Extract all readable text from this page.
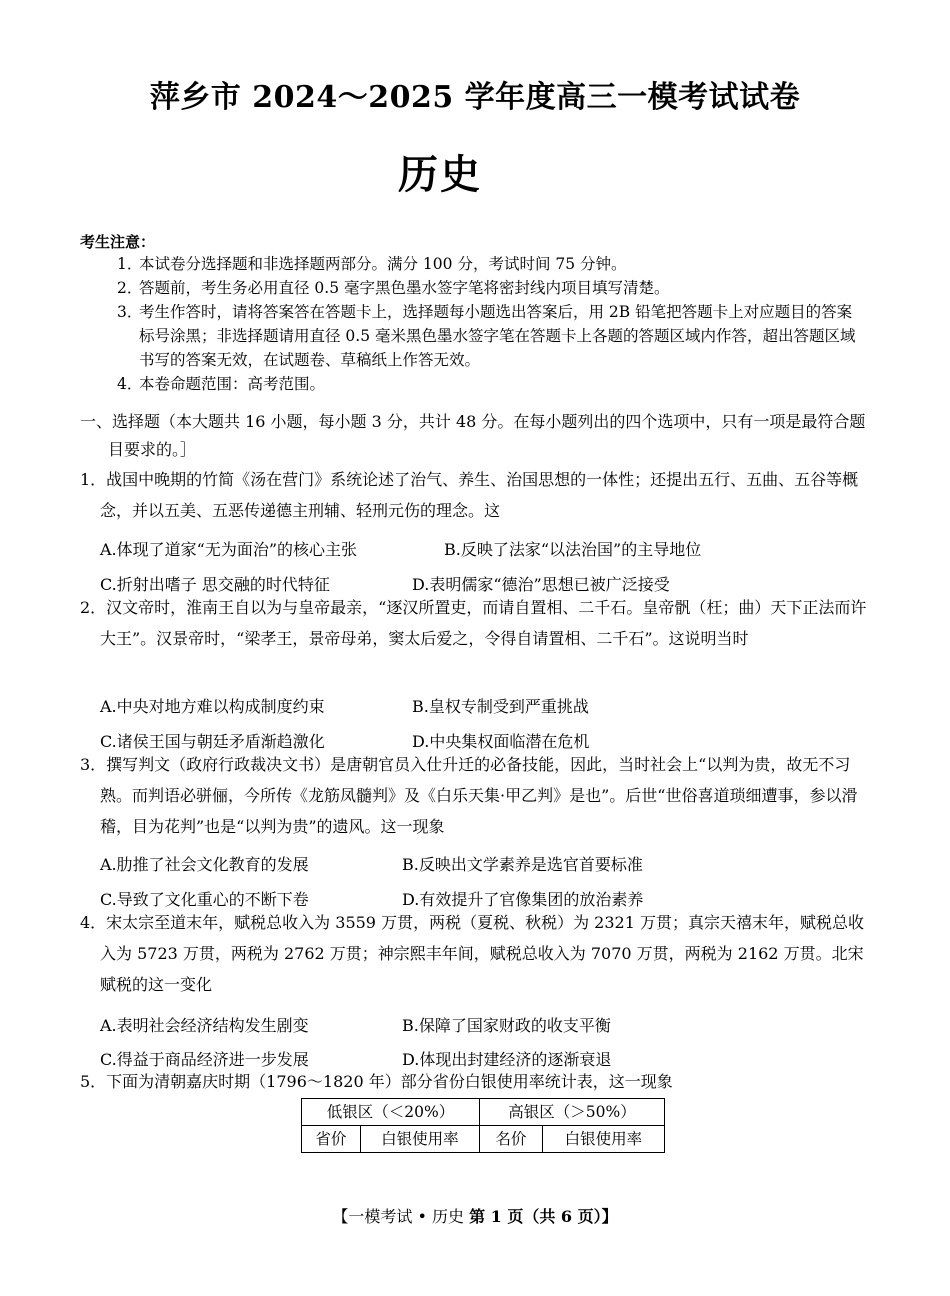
萍乡市 2024～2025 学年度高三一模考试试卷
历史
考生注意：
1．
本试卷分选择题和非选择题两部分。满分 100 分，考试时间 75 分钟。
2．
答题前，考生务必用直径 0.5 毫字黑色墨水签字笔将密封线内项目填写清楚。
3．
考生作答时，请将答案答在答题卡上，选择题每小题选出答案后，用 2B 铅笔把答题卡上对应题目的答案标号涂黑；非选择题请用直径 0.5 毫米黑色墨水签字笔在答题卡上各题的答题区域内作答，超出答题区域书写的答案无效，在试题卷、草稿纸上作答无效。
4．
本卷命题范围：高考范围。
一、选择题（本大题共 16 小题，每小题 3 分，共计 48 分。在每小题列出的四个选项中，只有一项是最符合题目要求的。］
1．战国中晚期的竹简《汤在营门》系统论述了治气、养生、治国思想的一体性；还提出五行、五曲、五谷等概念，并以五美、五恶传递德主刑辅、轻刑元伤的理念。这
A.体现了道家“无为面治”的核心主张	B.反映了法家“以法治国”的主导地位
C.折射出嗜子 思交融的时代特征	D.表明儒家“德治”思想已被广泛接受
2．汉文帝时，淮南王自以为与皇帝最亲，“逐汉所置吏，而请自置相、二千石。皇帝骪（枉；曲）天下正法而许大王”。汉景帝时，“梁孝王，景帝母弟，窦太后爱之，令得自请置相、二千石”。这说明当时
A.中央对地方难以构成制度约束	B.皇权专制受到严重挑战
C.诸侯王国与朝廷矛盾渐趋激化	D.中央集权面临潜在危机
3．撰写判文（政府行政裁决文书）是唐朝官员入仕升迁的必备技能，因此，当时社会上“以判为贵，故无不习熟。而判语必骈俪，今所传《龙筋凤髓判》及《白乐天集·甲乙判》是也”。后世“世俗喜道琐细遭事，参以滑稽，目为花判”也是“以判为贵”的遗风。这一现象
A.肋推了社会文化教育的发展	B.反映出文学素养是选官首要标准
C.导致了文化重心的不断下卷	D.有效提升了官像集团的放治素养
4．宋太宗至道末年，赋税总收入为 3559 万贯，两税（夏税、秋税）为 2321 万贯；真宗天禧末年，赋税总收入为 5723 万贯，两税为 2762 万贯；神宗熙丰年间，赋税总收入为 7070 万贯，两税为 2162 万贯。北宋赋税的这一变化
A.表明社会经济结构发生剧变	B.保障了国家财政的收支平衡
C.得益于商品经济进一步发展	D.体现出封建经济的逐渐衰退
5．下面为清朝嘉庆时期（1796～1820 年）部分省份白银使用率统计表，这一现象
低银区（＜20%）		高银区（＞50%）	
省价	白银使用率	名价	白银使用率
【一模考试 • 历史 第 1 页（共 6 页）】
